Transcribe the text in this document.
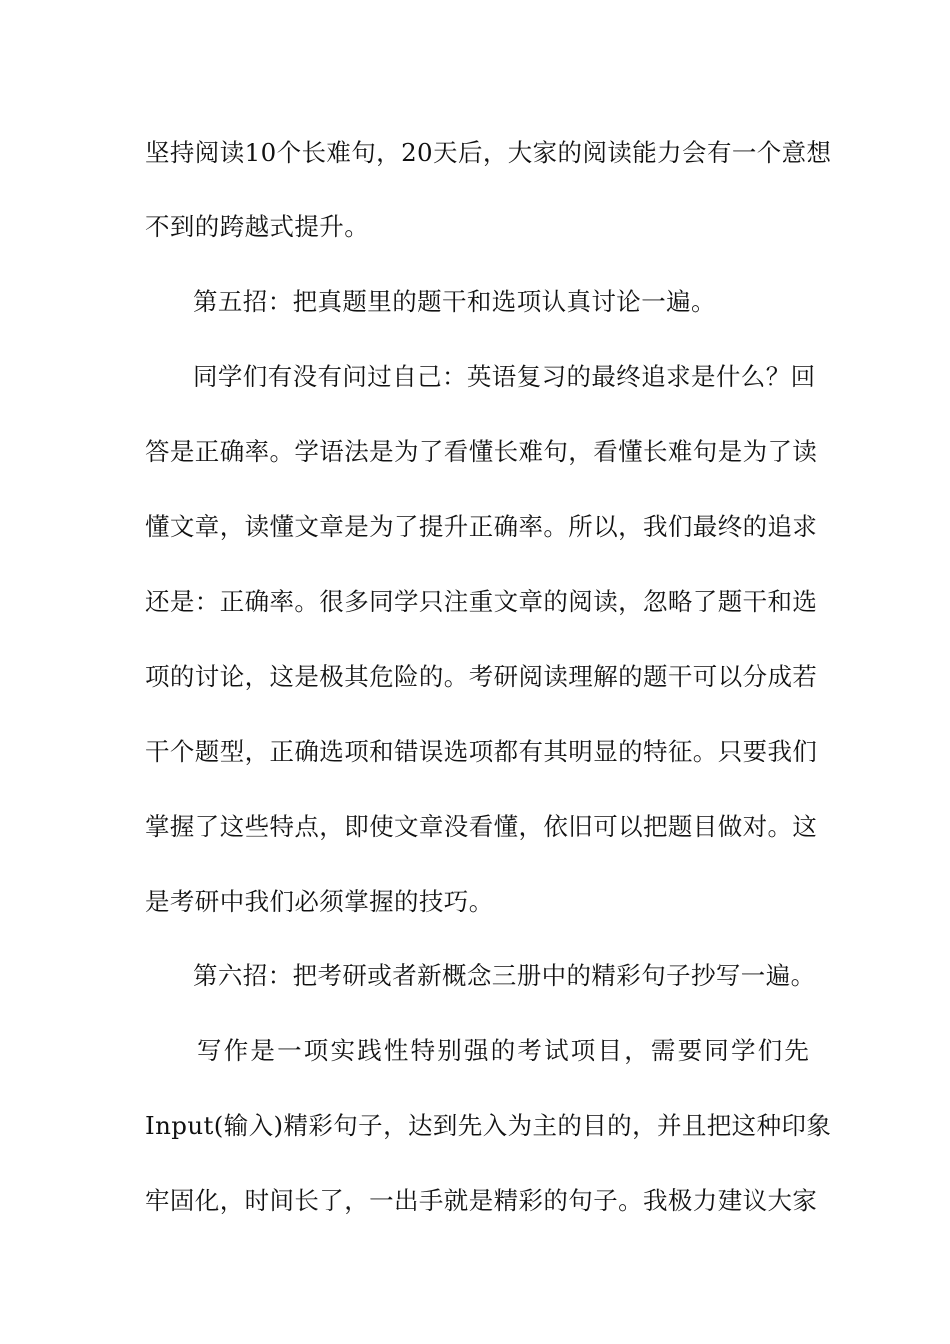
坚持阅读10个长难句，20天后，大家的阅读能力会有一个意想
不到的跨越式提升。
第五招：把真题里的题干和选项认真讨论一遍。
同学们有没有问过自己：英语复习的最终追求是什么？回
答是正确率。学语法是为了看懂长难句，看懂长难句是为了读
懂文章，读懂文章是为了提升正确率。所以，我们最终的追求
还是：正确率。很多同学只注重文章的阅读，忽略了题干和选
项的讨论，这是极其危险的。考研阅读理解的题干可以分成若
干个题型，正确选项和错误选项都有其明显的特征。只要我们
掌握了这些特点，即使文章没看懂，依旧可以把题目做对。这
是考研中我们必须掌握的技巧。
第六招：把考研或者新概念三册中的精彩句子抄写一遍。
写作是一项实践性特别强的考试项目，需要同学们先
Input(输入)精彩句子，达到先入为主的目的，并且把这种印象
牢固化，时间长了，一出手就是精彩的句子。我极力建议大家
